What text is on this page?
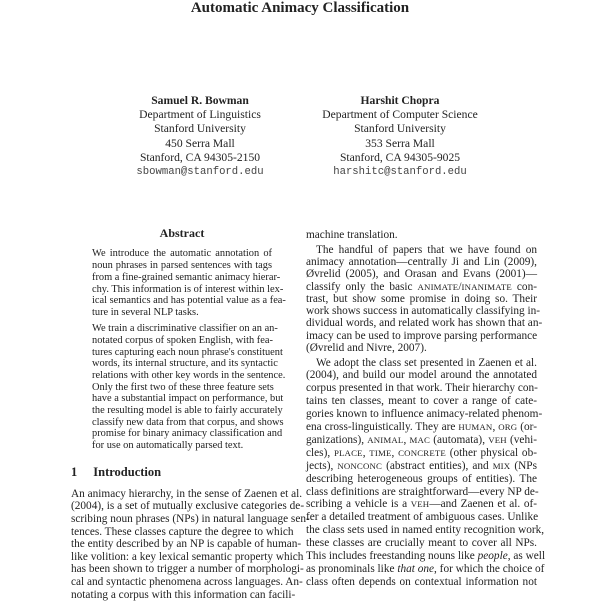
Automatic Animacy Classification
Samuel R. Bowman
Department of Linguistics
Stanford University
450 Serra Mall
Stanford, CA 94305-2150
sbowman@stanford.edu
Harshit Chopra
Department of Computer Science
Stanford University
353 Serra Mall
Stanford, CA 94305-9025
harshitc@stanford.edu
Abstract
1 Introduction
We introduce the automatic annotation of
noun phrases in parsed sentences with tags
from a fine-grained semantic animacy hierar-
chy. This information is of interest within lex-
ical semantics and has potential value as a fea-
ture in several NLP tasks.
We train a discriminative classifier on an an-
notated corpus of spoken English, with fea-
tures capturing each noun phrase's constituent
words, its internal structure, and its syntactic
relations with other key words in the sentence.
Only the first two of these three feature sets
have a substantial impact on performance, but
the resulting model is able to fairly accurately
classify new data from that corpus, and shows
promise for binary animacy classification and
for use on automatically parsed text.
An animacy hierarchy, in the sense of Zaenen et al.
(2004), is a set of mutually exclusive categories de-
scribing noun phrases (NPs) in natural language sen-
tences. These classes capture the degree to which
the entity described by an NP is capable of human-
like volition: a key lexical semantic property which
has been shown to trigger a number of morphologi-
cal and syntactic phenomena across languages. An-
notating a corpus with this information can facili-
machine translation.
The handful of papers that we have found on
animacy annotation—centrally Ji and Lin (2009),
Øvrelid (2005), and Orasan and Evans (2001)—
classify only the basic ANIMATE/INANIMATE con-
trast, but show some promise in doing so. Their
work shows success in automatically classifying in-
dividual words, and related work has shown that an-
imacy can be used to improve parsing performance
(Øvrelid and Nivre, 2007).
We adopt the class set presented in Zaenen et al.
(2004), and build our model around the annotated
corpus presented in that work. Their hierarchy con-
tains ten classes, meant to cover a range of cate-
gories known to influence animacy-related phenom-
ena cross-linguistically. They are HUMAN, ORG (or-
ganizations), ANIMAL, MAC (automata), VEH (vehi-
cles), PLACE, TIME, CONCRETE (other physical ob-
jects), NONCONC (abstract entities), and MIX (NPs
describing heterogeneous groups of entities). The
class definitions are straightforward—every NP de-
scribing a vehicle is a VEH—and Zaenen et al. of-
fer a detailed treatment of ambiguous cases. Unlike
the class sets used in named entity recognition work,
these classes are crucially meant to cover all NPs.
This includes freestanding nouns like people, as well
as pronominals like that one, for which the choice of
class often depends on contextual information not
